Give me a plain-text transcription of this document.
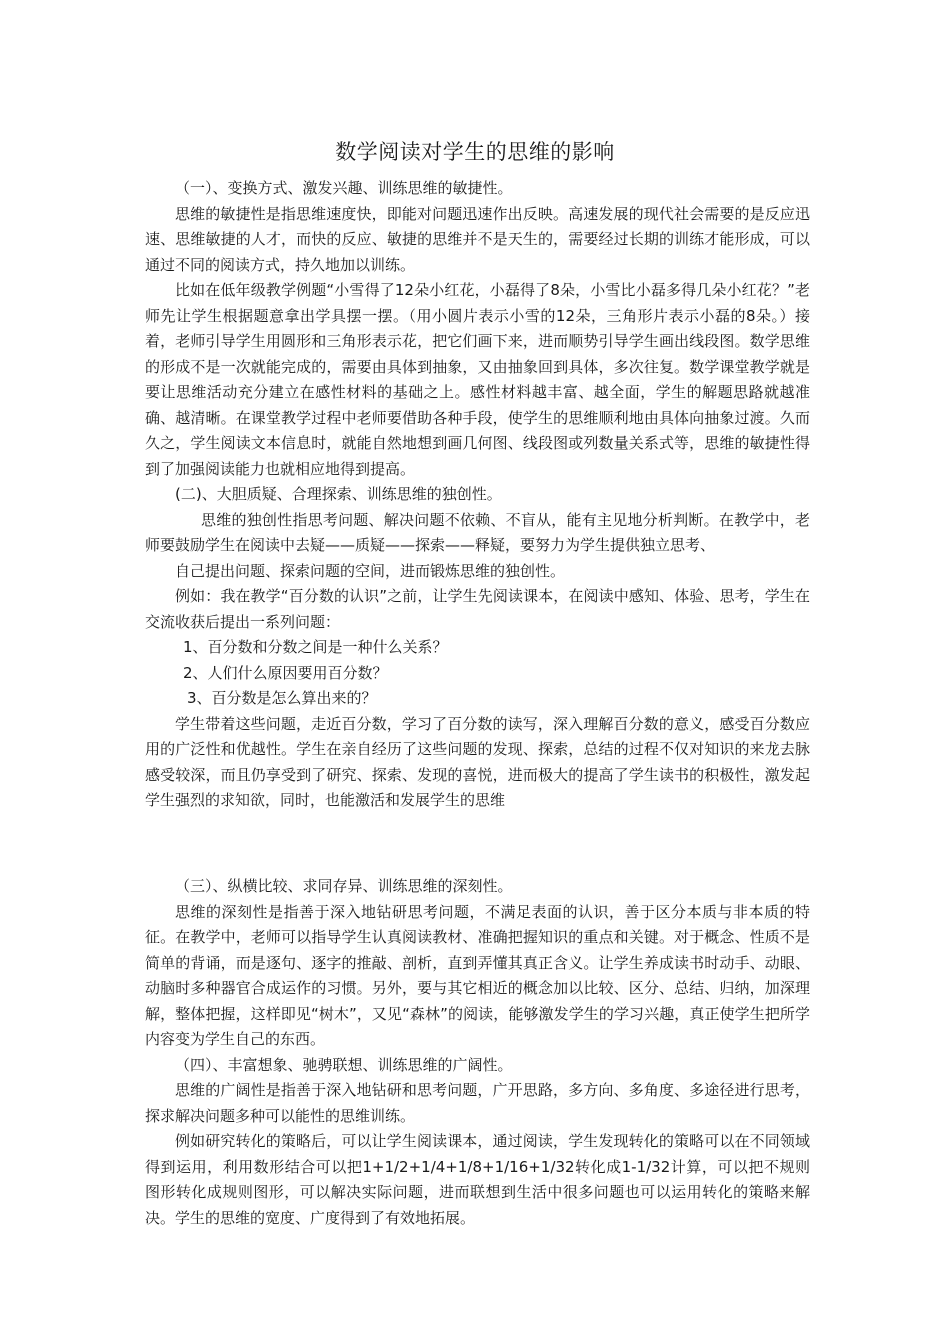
数学阅读对学生的思维的影响

（一）、变换方式、激发兴趣、训练思维的敏捷性。

思维的敏捷性是指思维速度快，即能对问题迅速作出反映。高速发展的现代社会需要的是反应迅速、思维敏捷的人才，而快的反应、敏捷的思维并不是天生的，需要经过长期的训练才能形成，可以通过不同的阅读方式，持久地加以训练。

比如在低年级教学例题“小雪得了12朵小红花，小磊得了8朵，小雪比小磊多得几朵小红花？”老师先让学生根据题意拿出学具摆一摆。（用小圆片表示小雪的12朵，三角形片表示小磊的8朵。）接着，老师引导学生用圆形和三角形表示花，把它们画下来，进而顺势引导学生画出线段图。数学思维的形成不是一次就能完成的，需要由具体到抽象，又由抽象回到具体，多次往复。数学课堂教学就是要让思维活动充分建立在感性材料的基础之上。感性材料越丰富、越全面，学生的解题思路就越准确、越清晰。在课堂教学过程中老师要借助各种手段，使学生的思维顺利地由具体向抽象过渡。久而久之，学生阅读文本信息时，就能自然地想到画几何图、线段图或列数量关系式等，思维的敏捷性得到了加强阅读能力也就相应地得到提高。

(二)、大胆质疑、合理探索、训练思维的独创性。

思维的独创性指思考问题、解决问题不依赖、不盲从，能有主见地分析判断。在教学中，老师要鼓励学生在阅读中去疑——质疑——探索——释疑，要努力为学生提供独立思考、

自己提出问题、探索问题的空间，进而锻炼思维的独创性。

例如：我在教学“百分数的认识”之前，让学生先阅读课本，在阅读中感知、体验、思考，学生在交流收获后提出一系列问题：

1、百分数和分数之间是一种什么关系？

2、人们什么原因要用百分数？

3、百分数是怎么算出来的？

学生带着这些问题，走近百分数，学习了百分数的读写，深入理解百分数的意义，感受百分数应用的广泛性和优越性。学生在亲自经历了这些问题的发现、探索，总结的过程不仅对知识的来龙去脉感受较深，而且仍享受到了研究、探索、发现的喜悦，进而极大的提高了学生读书的积极性，激发起学生强烈的求知欲，同时，也能激活和发展学生的思维

（三）、纵横比较、求同存异、训练思维的深刻性。

思维的深刻性是指善于深入地钻研思考问题，不满足表面的认识，善于区分本质与非本质的特征。在教学中，老师可以指导学生认真阅读教材、准确把握知识的重点和关键。对于概念、性质不是简单的背诵，而是逐句、逐字的推敲、剖析，直到弄懂其真正含义。让学生养成读书时动手、动眼、动脑时多种器官合成运作的习惯。另外，要与其它相近的概念加以比较、区分、总结、归纳，加深理解，整体把握，这样即见“树木”，又见“森林”的阅读，能够激发学生的学习兴趣，真正使学生把所学内容变为学生自己的东西。

（四）、丰富想象、驰骋联想、训练思维的广阔性。

思维的广阔性是指善于深入地钻研和思考问题，广开思路，多方向、多角度、多途径进行思考，探求解决问题多种可以能性的思维训练。

例如研究转化的策略后，可以让学生阅读课本，通过阅读，学生发现转化的策略可以在不同领域得到运用，利用数形结合可以把1+1/2+1/4+1/8+1/16+1/32转化成1-1/32计算，可以把不规则图形转化成规则图形，可以解决实际问题，进而联想到生活中很多问题也可以运用转化的策略来解决。学生的思维的宽度、广度得到了有效地拓展。
